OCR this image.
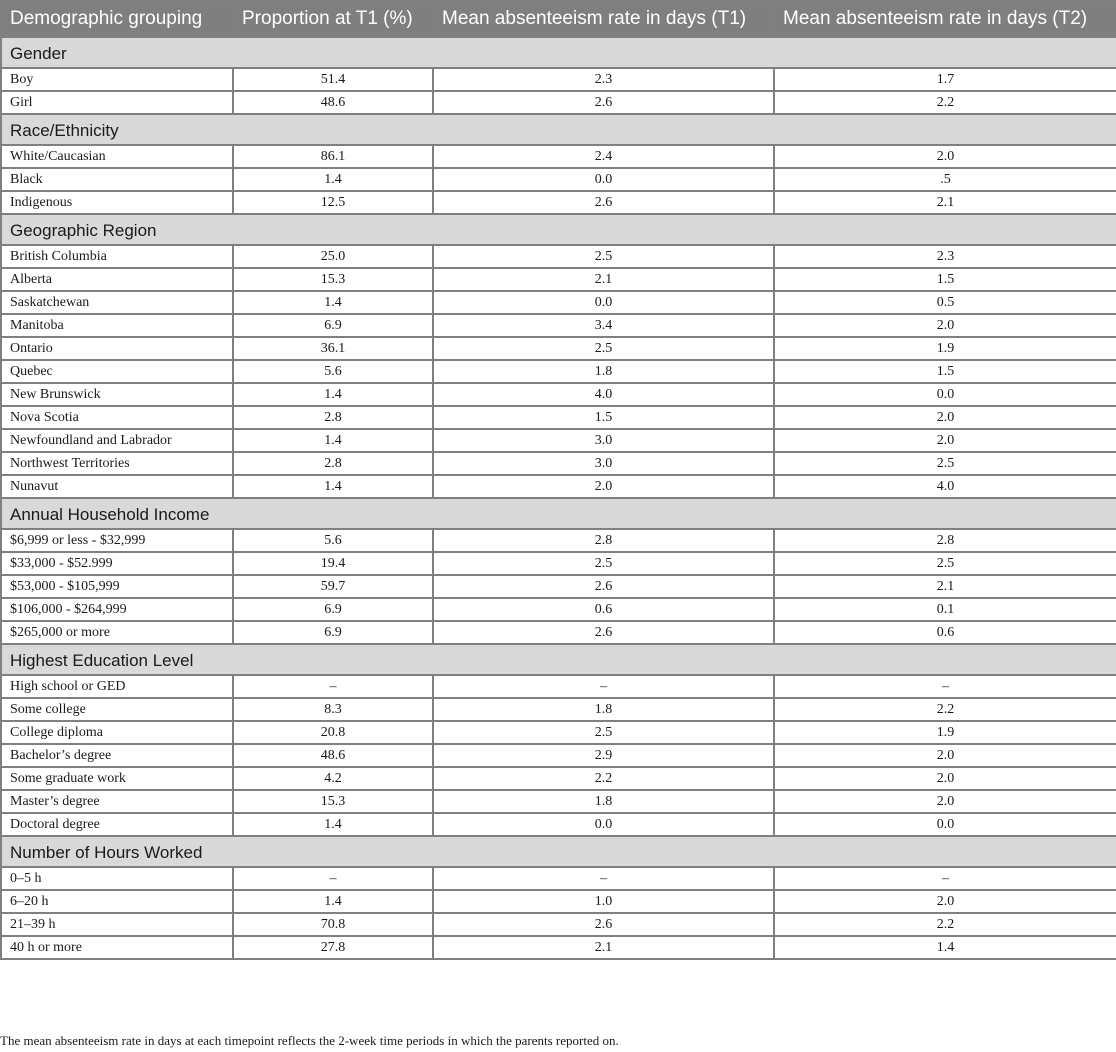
Demographic grouping	Proportion at T1 (%)	Mean absenteeism rate in days (T1)	Mean absenteeism rate in days (T2)
Gender			
Boy	51.4	2.3	1.7
Girl	48.6	2.6	2.2
Race/Ethnicity			
White/Caucasian	86.1	2.4	2.0
Black	1.4	0.0	.5
Indigenous	12.5	2.6	2.1
Geographic Region			
British Columbia	25.0	2.5	2.3
Alberta	15.3	2.1	1.5
Saskatchewan	1.4	0.0	0.5
Manitoba	6.9	3.4	2.0
Ontario	36.1	2.5	1.9
Quebec	5.6	1.8	1.5
New Brunswick	1.4	4.0	0.0
Nova Scotia	2.8	1.5	2.0
Newfoundland and Labrador	1.4	3.0	2.0
Northwest Territories	2.8	3.0	2.5
Nunavut	1.4	2.0	4.0
Annual Household Income			
$6,999 or less - $32,999	5.6	2.8	2.8
$33,000 - $52.999	19.4	2.5	2.5
$53,000 - $105,999	59.7	2.6	2.1
$106,000 - $264,999	6.9	0.6	0.1
$265,000 or more	6.9	2.6	0.6
Highest Education Level			
High school or GED	–	–	–
Some college	8.3	1.8	2.2
College diploma	20.8	2.5	1.9
Bachelor’s degree	48.6	2.9	2.0
Some graduate work	4.2	2.2	2.0
Master’s degree	15.3	1.8	2.0
Doctoral degree	1.4	0.0	0.0
Number of Hours Worked			
0–5 h	–	–	–
6–20 h	1.4	1.0	2.0
21–39 h	70.8	2.6	2.2
40 h or more	27.8	2.1	1.4

The mean absenteeism rate in days at each timepoint reflects the 2-week time periods in which the parents reported on.
